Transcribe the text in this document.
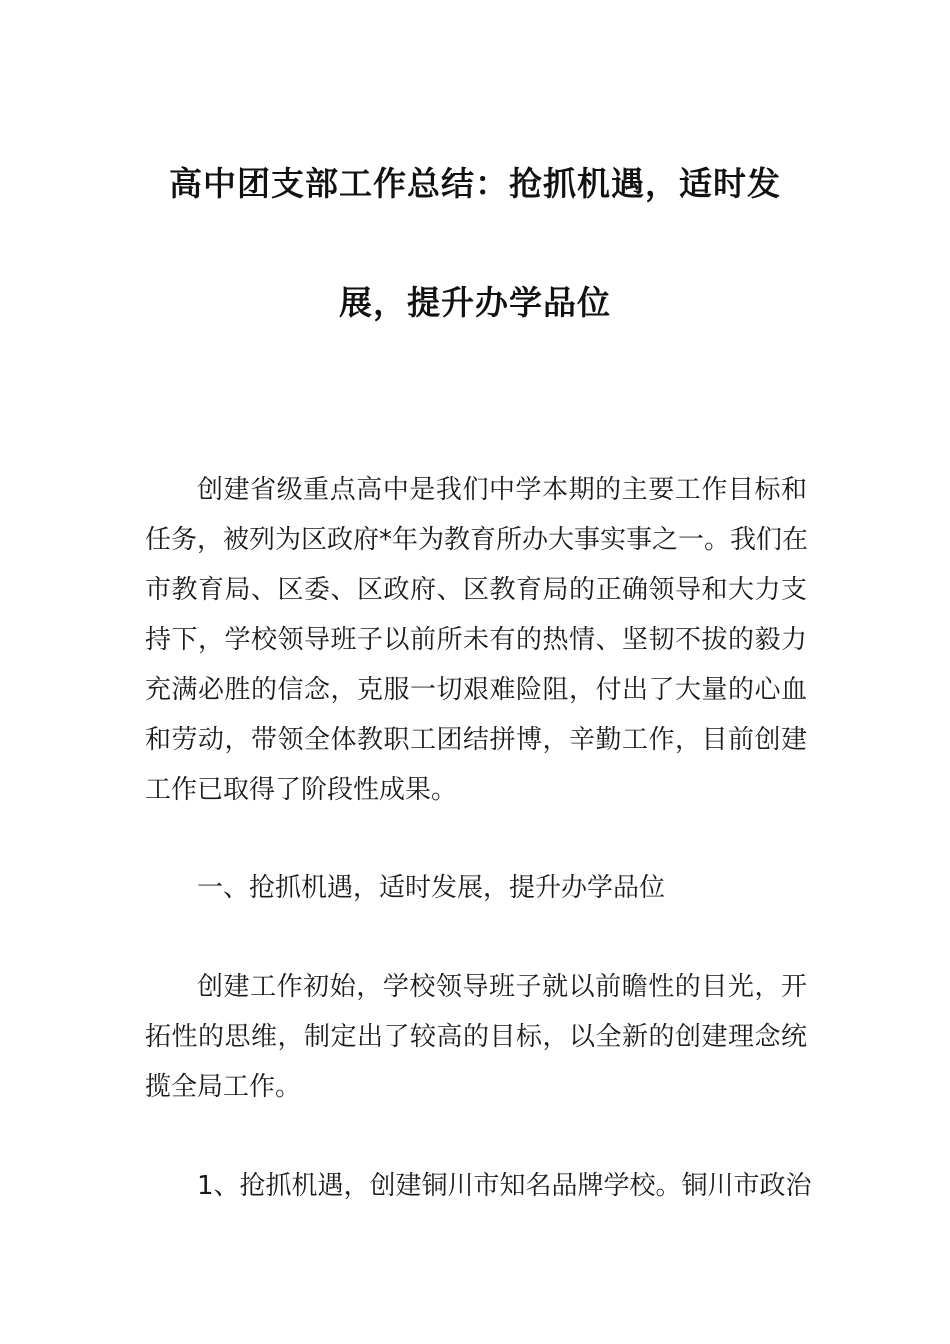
高中团支部工作总结：抢抓机遇，适时发
展，提升办学品位
创建省级重点高中是我们中学本期的主要工作目标和
任务，被列为区政府*年为教育所办大事实事之一。我们在
市教育局、区委、区政府、区教育局的正确领导和大力支
持下，学校领导班子以前所未有的热情、坚韧不拔的毅力
充满必胜的信念，克服一切艰难险阻，付出了大量的心血
和劳动，带领全体教职工团结拼博，辛勤工作，目前创建
工作已取得了阶段性成果。
一、抢抓机遇，适时发展，提升办学品位
创建工作初始，学校领导班子就以前瞻性的目光，开
拓性的思维，制定出了较高的目标，以全新的创建理念统
揽全局工作。
1、抢抓机遇，创建铜川市知名品牌学校。铜川市政治
